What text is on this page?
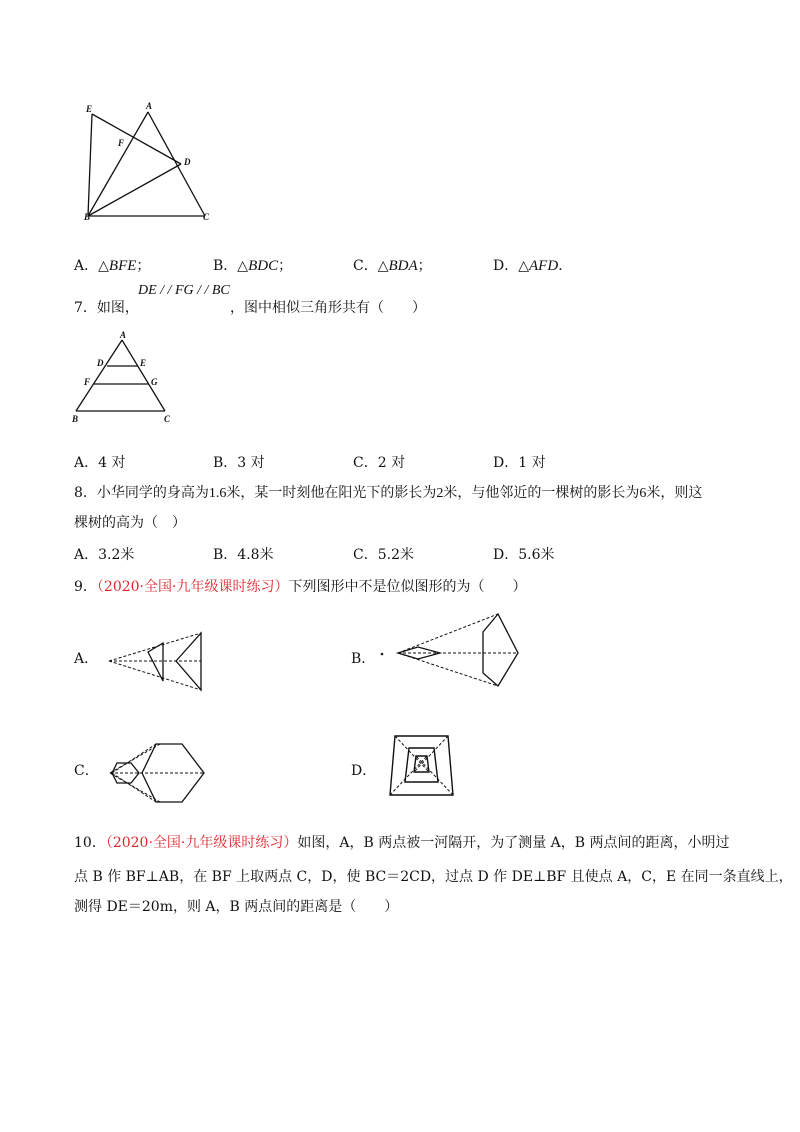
E	A
F
D
B	C
A．△BFE；	B．△BDC；	C．△BDA；	D．△AFD．
DE / / FG / / BC
7．如图，	，图中相似三角形共有（　　）
A
D	E
F	G
B	C
A．4 对	B．3 对	C．2 对	D．1 对
8．小华同学的身高为1.6米，某一时刻他在阳光下的影长为2米，与他邻近的一棵树的影长为6米，则这
棵树的高为（　）
A．3.2米	B．4.8米	C．5.2米	D．5.6米
9．（2020·全国·九年级课时练习）下列图形中不是位似图形的为（　　）
A．	B．
C．	D．
10．（2020·全国·九年级课时练习）如图，A，B 两点被一河隔开，为了测量 A，B 两点间的距离，小明过
点 B 作 BF⊥AB，在 BF 上取两点 C，D，使 BC＝2CD，过点 D 作 DE⊥BF 且使点 A，C，E 在同一条直线上，
测得 DE＝20m，则 A，B 两点间的距离是（　　）
